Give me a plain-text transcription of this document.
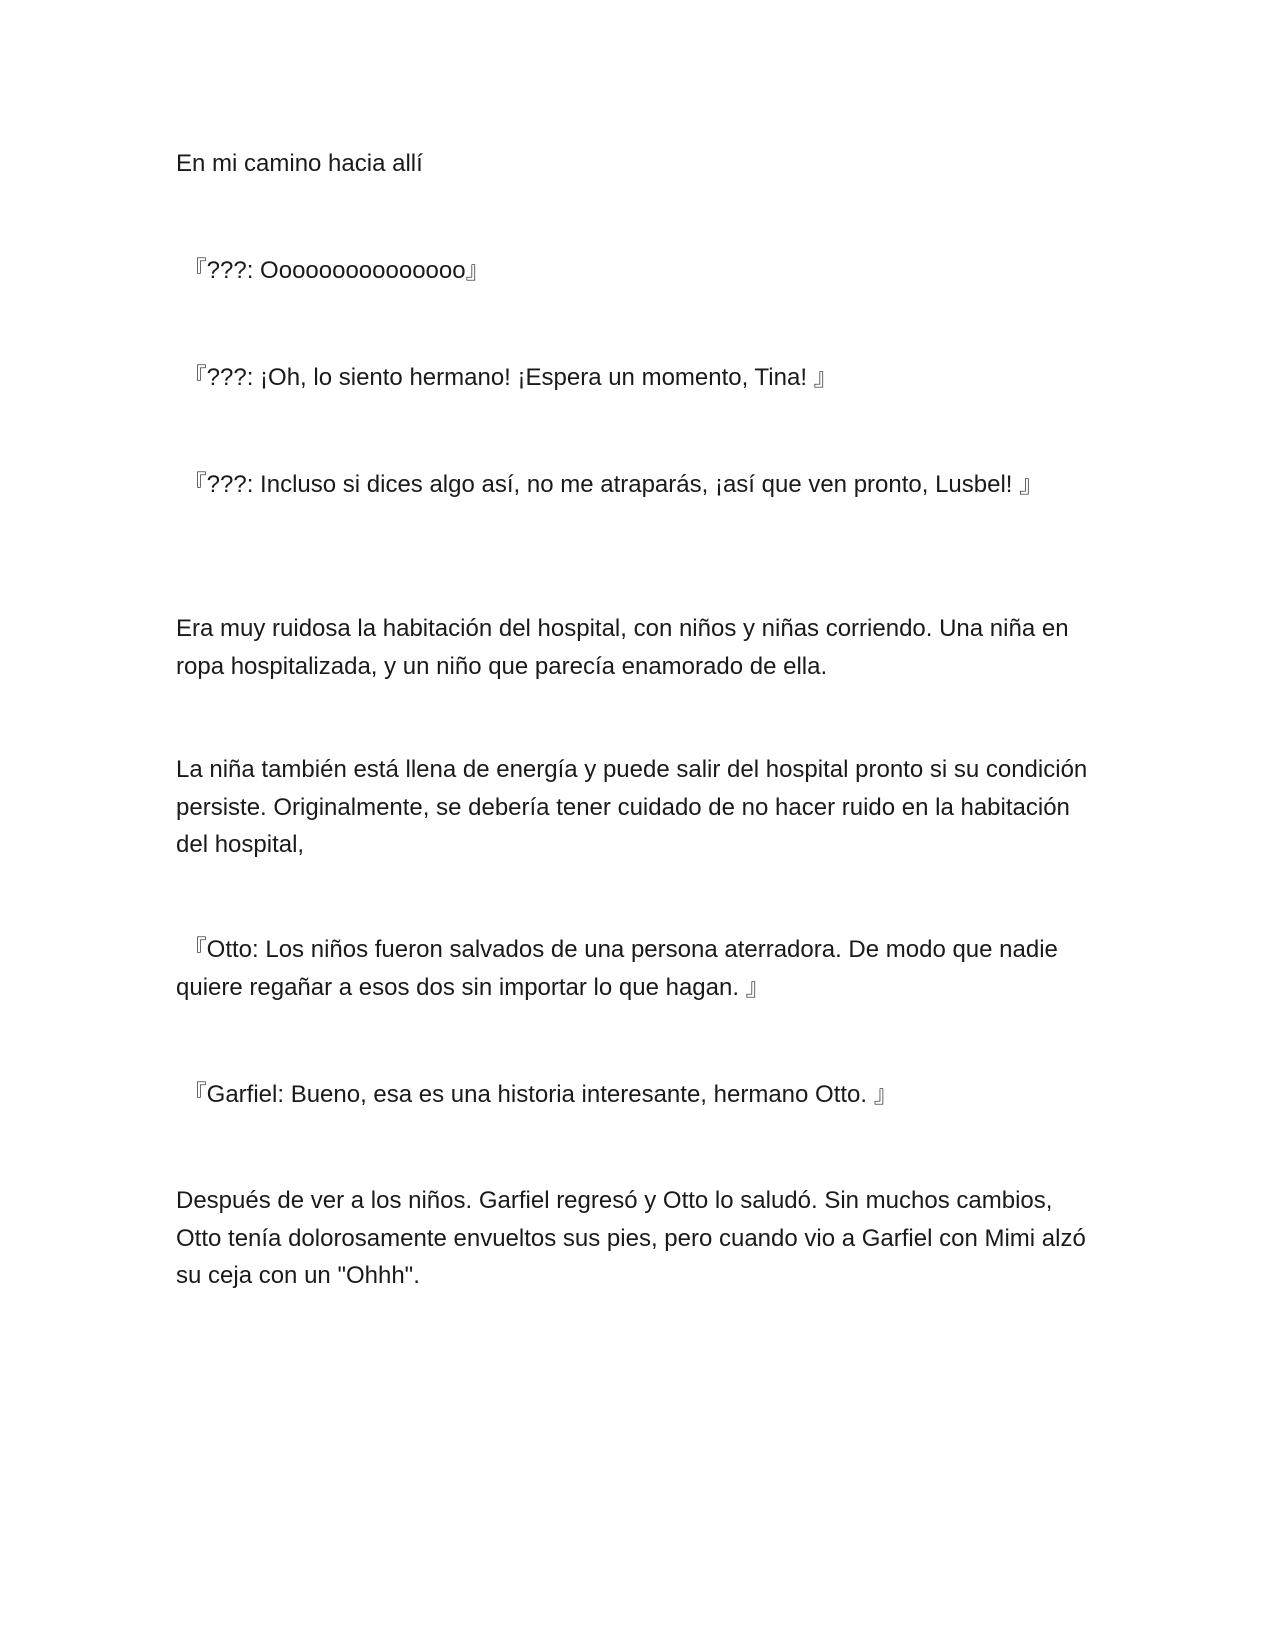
En mi camino hacia allí

『???: Ooooooooooooooo』

『???: ¡Oh, lo siento hermano! ¡Espera un momento, Tina! 』

『???: Incluso si dices algo así, no me atraparás, ¡así que ven pronto, Lusbel! 』

Era muy ruidosa la habitación del hospital, con niños y niñas corriendo. Una niña en ropa hospitalizada, y un niño que parecía enamorado de ella.

La niña también está llena de energía y puede salir del hospital pronto si su condición persiste. Originalmente, se debería tener cuidado de no hacer ruido en la habitación del hospital,

『Otto: Los niños fueron salvados de una persona aterradora. De modo que nadie quiere regañar a esos dos sin importar lo que hagan. 』

『Garfiel: Bueno, esa es una historia interesante, hermano Otto. 』

Después de ver a los niños. Garfiel regresó y Otto lo saludó. Sin muchos cambios, Otto tenía dolorosamente envueltos sus pies, pero cuando vio a Garfiel con Mimi alzó su ceja con un "Ohhh".
